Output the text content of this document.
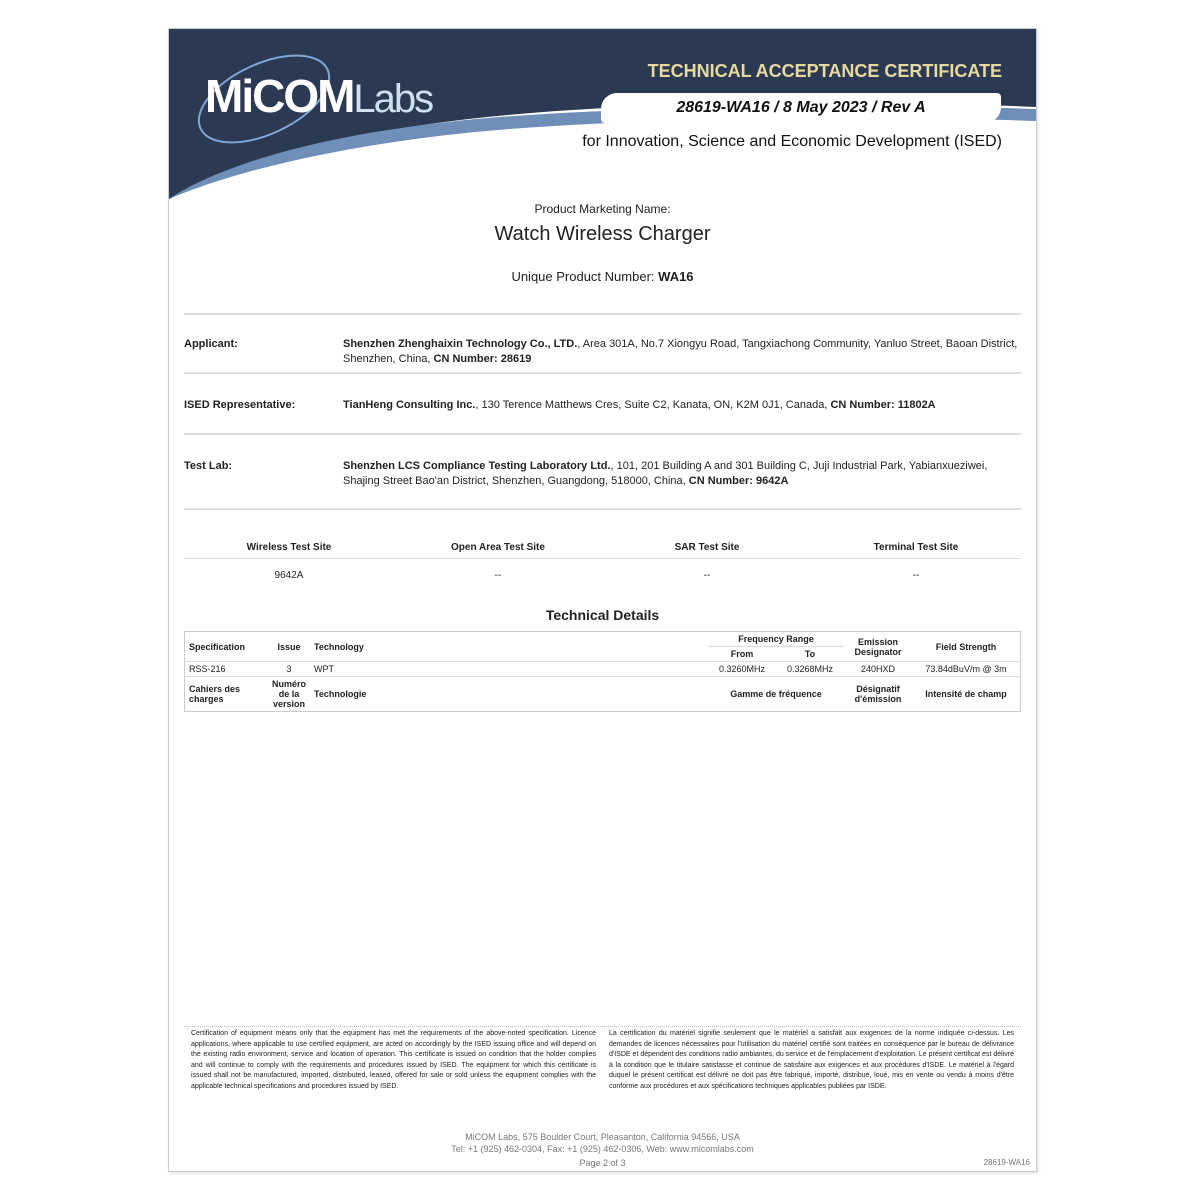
MiCOMLabs
TECHNICAL ACCEPTANCE CERTIFICATE
28619-WA16 / 8 May 2023 / Rev A
for Innovation, Science and Economic Development (ISED)
Product Marketing Name:
Watch Wireless Charger
Unique Product Number: WA16
Applicant:	Shenzhen Zhenghaixin Technology Co., LTD., Area 301A, No.7 Xiongyu Road, Tangxiachong Community, Yanluo Street, Baoan District, Shenzhen, China, CN Number: 28619
ISED Representative:	TianHeng Consulting Inc., 130 Terence Matthews Cres, Suite C2, Kanata, ON, K2M 0J1, Canada, CN Number: 11802A
Test Lab:	Shenzhen LCS Compliance Testing Laboratory Ltd., 101, 201 Building A and 301 Building C, Juji Industrial Park, Yabianxueziwei, Shajing Street Bao'an District, Shenzhen, Guangdong, 518000, China, CN Number: 9642A
Wireless Test Site	Open Area Test Site	SAR Test Site	Terminal Test Site
9642A	--	--	--
Technical Details
Specification	Issue	Technology	Frequency Range		Emission Designator	Field Strength
			From	To		
RSS-216	3	WPT	0.3260MHz	0.3268MHz	240HXD	73.84dBuV/m @ 3m
Cahiers des charges	Numéro de la version	Technologie	Gamme de fréquence		Désignatif d'émission	Intensité de champ
Certification of equipment means only that the equipment has met the requirements of the above-noted specification. Licence applications, where applicable to use certified equipment, are acted on accordingly by the ISED issuing office and will depend on the existing radio environment, service and location of operation. This certificate is issued on condition that the holder complies and will continue to comply with the requirements and procedures issued by ISED. The equipment for which this certificate is issued shall not be manufactured, imported, distributed, leased, offered for sale or sold unless the equipment complies with the applicable technical specifications and procedures issued by ISED.
La certification du matériel signifie seulement que le matériel a satisfait aux exigences de la norme indiquée ci-dessus. Les demandes de licences nécessaires pour l'utilisation du matériel certifié sont traitées en conséquence par le bureau de délivrance d'ISDE et dépendent des conditions radio ambiantes, du service et de l'emplacement d'exploitation. Le présent certificat est délivré à la condition que le titulaire satisfasse et continue de satisfaire aux exigences et aux procédures d'ISDE. Le matériel à l'égard duquel le présent certificat est délivré ne doit pas être fabriqué, importé, distribué, loué, mis en vente ou vendu à moins d'être conforme aux procédures et aux spécifications techniques applicables publiées par ISDE.
MiCOM Labs, 575 Boulder Court, Pleasanton, California 94566, USA
Tel: +1 (925) 462-0304, Fax: +1 (925) 462-0306, Web: www.micomlabs.com
Page 2 of 3	28619-WA16
